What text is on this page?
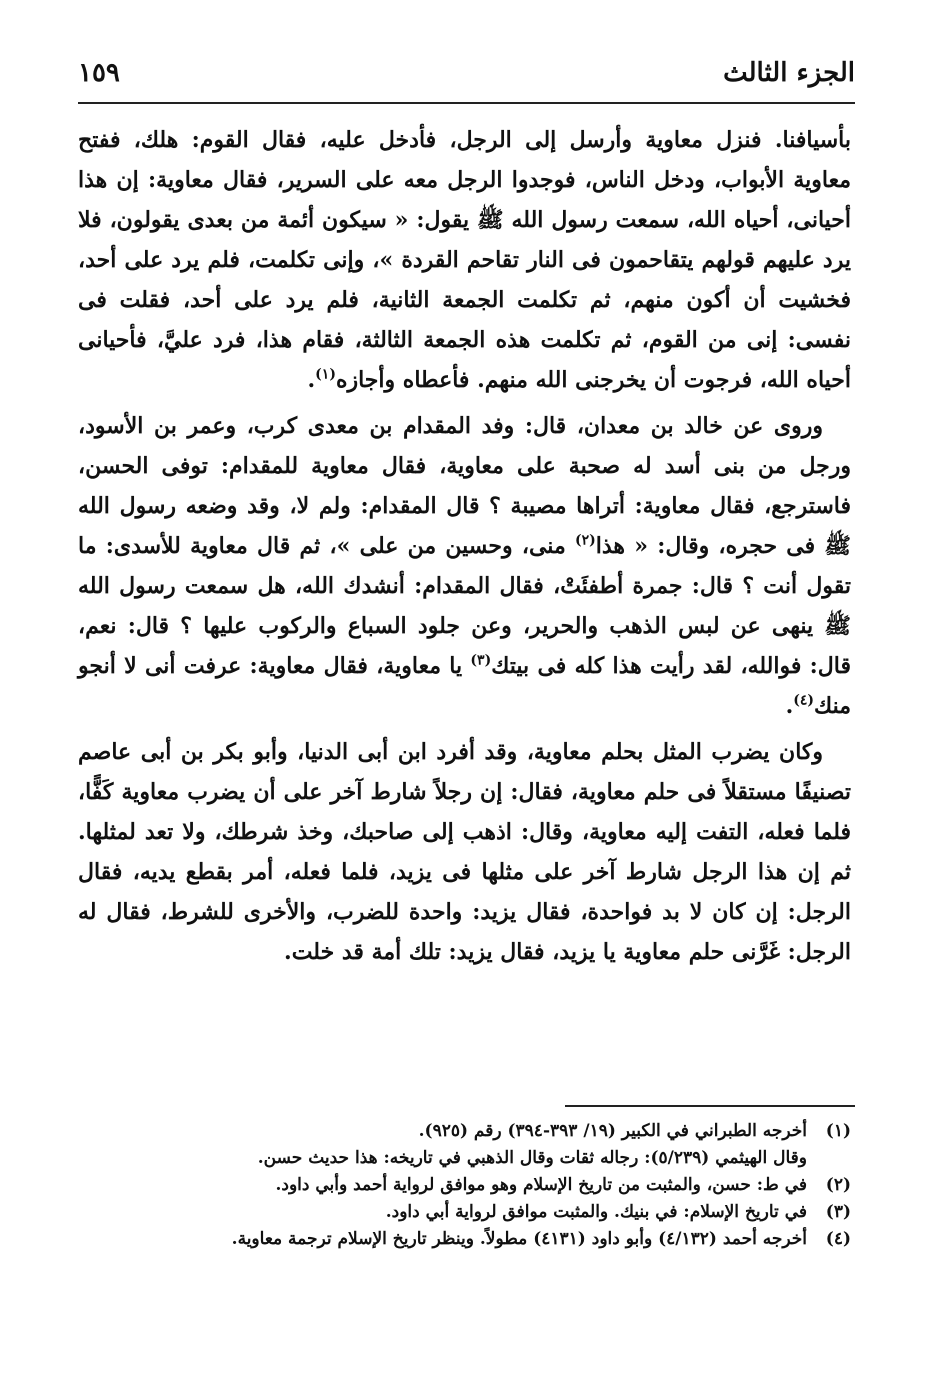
الجزء الثالث
١٥٩

بأسيافنا. فنزل معاوية وأرسل إلى الرجل، فأدخل عليه، فقال القوم: هلك، ففتح معاوية الأبواب، ودخل الناس، فوجدوا الرجل معه على السرير، فقال معاوية: إن هذا أحيانى، أحياه الله، سمعت رسول الله ﷺ يقول: « سيكون أئمة من بعدى يقولون، فلا يرد عليهم قولهم يتقاحمون فى النار تقاحم القردة »، وإنى تكلمت، فلم يرد على أحد، فخشيت أن أكون منهم، ثم تكلمت الجمعة الثانية، فلم يرد على أحد، فقلت فى نفسى: إنى من القوم، ثم تكلمت هذه الجمعة الثالثة، فقام هذا، فرد عليَّ، فأحيانى أحياه الله، فرجوت أن يخرجنى الله منهم. فأعطاه وأجازه$^{(١)}$.

وروى عن خالد بن معدان، قال: وفد المقدام بن معدى كرب، وعمر بن الأسود، ورجل من بنى أسد له صحبة على معاوية، فقال معاوية للمقدام: توفى الحسن، فاسترجع، فقال معاوية: أتراها مصيبة ؟ قال المقدام: ولم لا، وقد وضعه رسول الله ﷺ فى حجره، وقال: « هذا$^{(٢)}$ منى، وحسين من على »، ثم قال معاوية للأسدى: ما تقول أنت ؟ قال: جمرة أطفئَتْ، فقال المقدام: أنشدك الله، هل سمعت رسول الله ﷺ ينهى عن لبس الذهب والحرير، وعن جلود السباع والركوب عليها ؟ قال: نعم، قال: فوالله، لقد رأيت هذا كله فى بيتك$^{(٣)}$ يا معاوية، فقال معاوية: عرفت أنى لا أنجو منك$^{(٤)}$.

وكان يضرب المثل بحلم معاوية، وقد أفرد ابن أبى الدنيا، وأبو بكر بن أبى عاصم تصنيفًا مستقلاً فى حلم معاوية، فقال: إن رجلاً شارط آخر على أن يضرب معاوية كَفًّا، فلما فعله، التفت إليه معاوية، وقال: اذهب إلى صاحبك، وخذ شرطك، ولا تعد لمثلها. ثم إن هذا الرجل شارط آخر على مثلها فى يزيد، فلما فعله، أمر بقطع يديه، فقال الرجل: إن كان لا بد فواحدة، فقال يزيد: واحدة للضرب، والأخرى للشرط، فقال له الرجل: غَرَّنى حلم معاوية يا يزيد، فقال يزيد: تلك أمة قد خلت.

(١)
أخرجه الطبراني في الكبير (١٩/ ٣٩٣-٣٩٤) رقم (٩٢٥).
وقال الهيثمي (٥/٢٣٩): رجاله ثقات وقال الذهبي في تاريخه: هذا حديث حسن.
(٢)
في ط: حسن، والمثبت من تاريخ الإسلام وهو موافق لرواية أحمد وأبي داود.
(٣)
في تاريخ الإسلام: في بنيك. والمثبت موافق لرواية أبي داود.
(٤)
أخرجه أحمد (٤/١٣٢) وأبو داود (٤١٣١) مطولاً. وينظر تاريخ الإسلام ترجمة معاوية.
